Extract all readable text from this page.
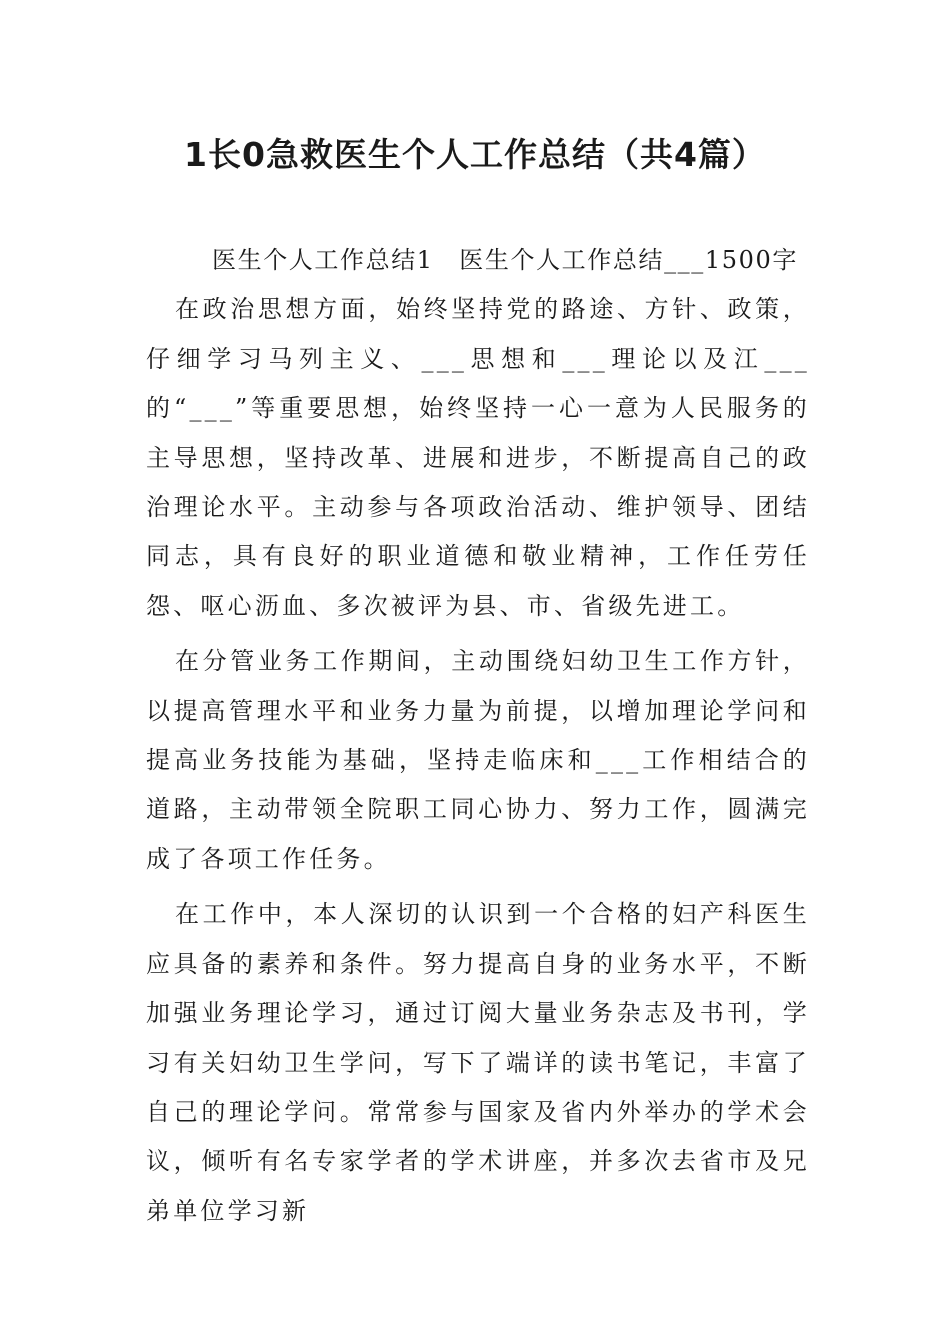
1长0急救医生个人工作总结（共4篇）

医生个人工作总结1　医生个人工作总结___1500字

在政治思想方面，始终坚持党的路途、方针、政策，仔细学习马列主义、___思想和___理论以及江___的“___”等重要思想，始终坚持一心一意为人民服务的主导思想，坚持改革、进展和进步，不断提高自己的政治理论水平。主动参与各项政治活动、维护领导、团结同志，具有良好的职业道德和敬业精神，工作任劳任怨、呕心沥血、多次被评为县、市、省级先进工。

在分管业务工作期间，主动围绕妇幼卫生工作方针，以提高管理水平和业务力量为前提，以增加理论学问和提高业务技能为基础，坚持走临床和___工作相结合的道路，主动带领全院职工同心协力、努力工作，圆满完成了各项工作任务。

在工作中，本人深切的认识到一个合格的妇产科医生应具备的素养和条件。努力提高自身的业务水平，不断加强业务理论学习，通过订阅大量业务杂志及书刊，学习有关妇幼卫生学问，写下了端详的读书笔记，丰富了自己的理论学问。常常参与国家及省内外举办的学术会议，倾听有名专家学者的学术讲座，并多次去省市及兄弟单位学习新
